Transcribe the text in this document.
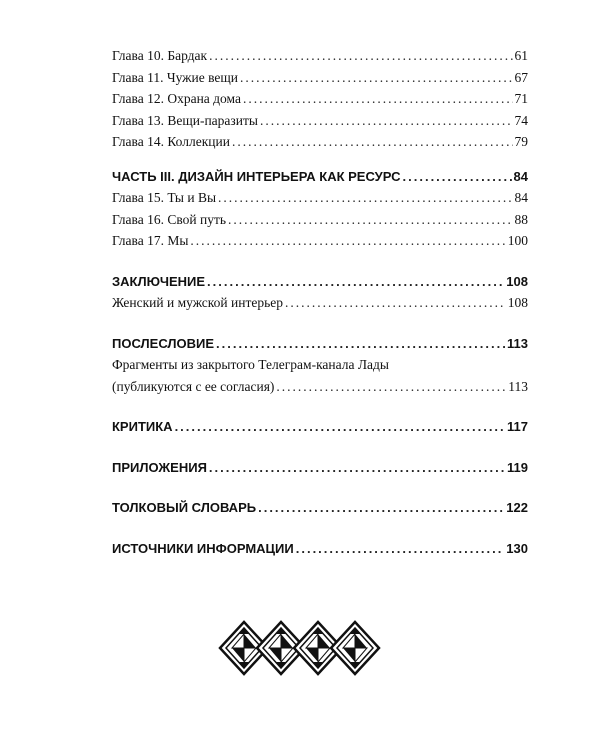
Глава 10. Бардак .....	61
Глава 11. Чужие вещи .....	67
Глава 12. Охрана дома .....	71
Глава 13. Вещи-паразиты .....	74
Глава 14. Коллекции .....	79
ЧАСТЬ III. ДИЗАЙН ИНТЕРЬЕРА КАК РЕСУРС .....	84
Глава 15. Ты и Вы .....	84
Глава 16. Свой путь .....	88
Глава 17. Мы .....	100
ЗАКЛЮЧЕНИЕ .....	108
Женский и мужской интерьер .....	108
ПОСЛЕСЛОВИЕ .....	113
Фрагменты из закрытого Телеграм-канала Лады
(публикуются с ее согласия) .....	113
КРИТИКА .....	117
ПРИЛОЖЕНИЯ .....	119
ТОЛКОВЫЙ СЛОВАРЬ .....	122
ИСТОЧНИКИ ИНФОРМАЦИИ .....	130
